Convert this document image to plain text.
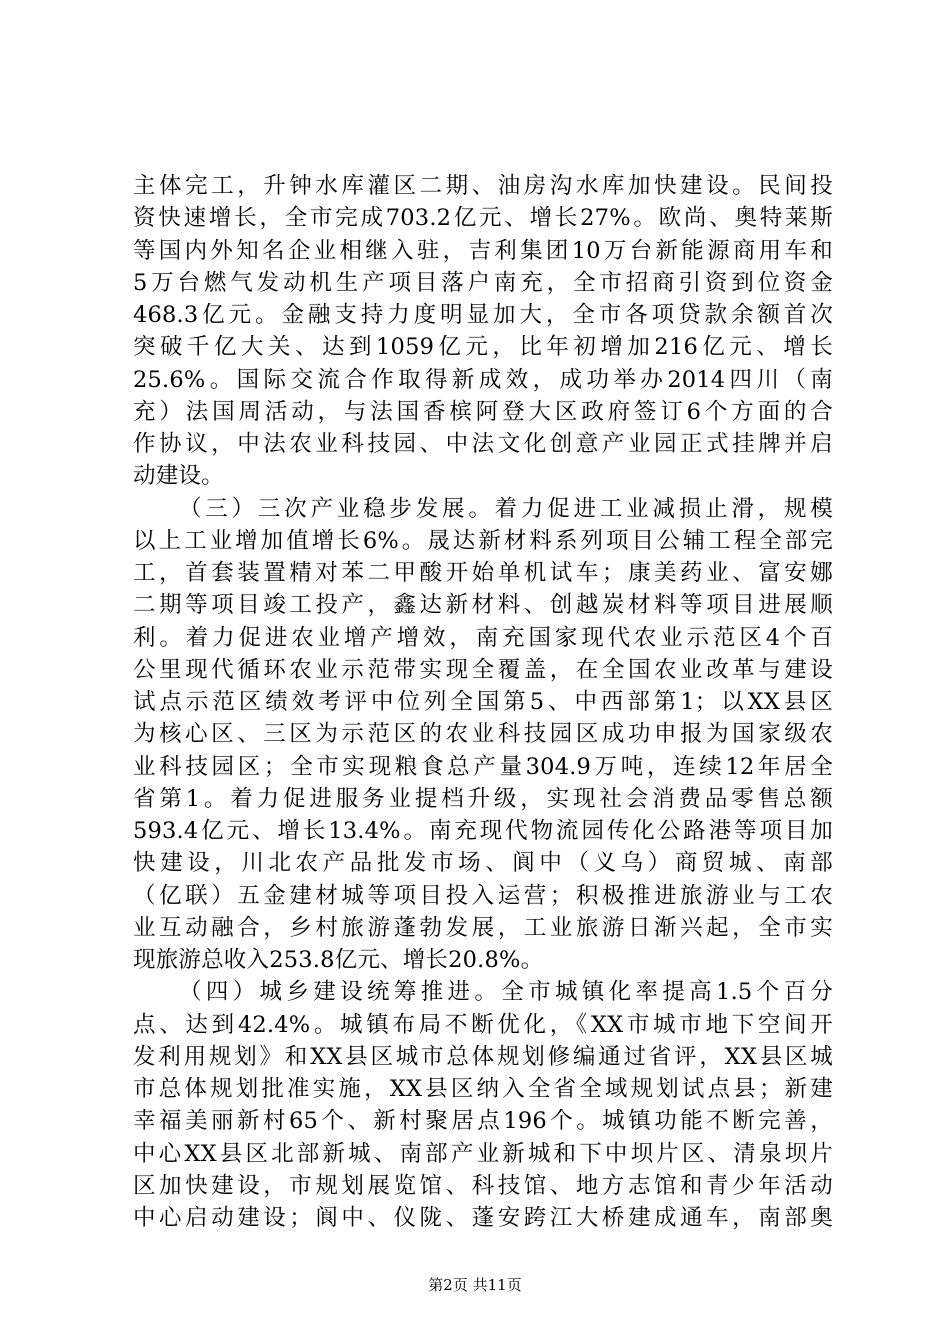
主体完工，升钟水库灌区二期、油房沟水库加快建设。民间投
资快速增长，全市完成703.2亿元、增长27%。欧尚、奥特莱斯
等国内外知名企业相继入驻，吉利集团10万台新能源商用车和
5万台燃气发动机生产项目落户南充，全市招商引资到位资金
468.3亿元。金融支持力度明显加大，全市各项贷款余额首次
突破千亿大关、达到1059亿元，比年初增加216亿元、增长
25.6%。国际交流合作取得新成效，成功举办2014四川（南
充）法国周活动，与法国香槟阿登大区政府签订6个方面的合
作协议，中法农业科技园、中法文化创意产业园正式挂牌并启
动建设。
（三）三次产业稳步发展。着力促进工业减损止滑，规模
以上工业增加值增长6%。晟达新材料系列项目公辅工程全部完
工，首套装置精对苯二甲酸开始单机试车；康美药业、富安娜
二期等项目竣工投产，鑫达新材料、创越炭材料等项目进展顺
利。着力促进农业增产增效，南充国家现代农业示范区4个百
公里现代循环农业示范带实现全覆盖，在全国农业改革与建设
试点示范区绩效考评中位列全国第5、中西部第1；以XX县区
为核心区、三区为示范区的农业科技园区成功申报为国家级农
业科技园区；全市实现粮食总产量304.9万吨，连续12年居全
省第1。着力促进服务业提档升级，实现社会消费品零售总额
593.4亿元、增长13.4%。南充现代物流园传化公路港等项目加
快建设，川北农产品批发市场、阆中（义乌）商贸城、南部
（亿联）五金建材城等项目投入运营；积极推进旅游业与工农
业互动融合，乡村旅游蓬勃发展，工业旅游日渐兴起，全市实
现旅游总收入253.8亿元、增长20.8%。
（四）城乡建设统筹推进。全市城镇化率提高1.5个百分
点、达到42.4%。城镇布局不断优化，《XX市城市地下空间开
发利用规划》和XX县区城市总体规划修编通过省评，XX县区城
市总体规划批准实施，XX县区纳入全省全域规划试点县；新建
幸福美丽新村65个、新村聚居点196个。城镇功能不断完善，
中心XX县区北部新城、南部产业新城和下中坝片区、清泉坝片
区加快建设，市规划展览馆、科技馆、地方志馆和青少年活动
中心启动建设；阆中、仪陇、蓬安跨江大桥建成通车，南部奥
第2页 共11页
